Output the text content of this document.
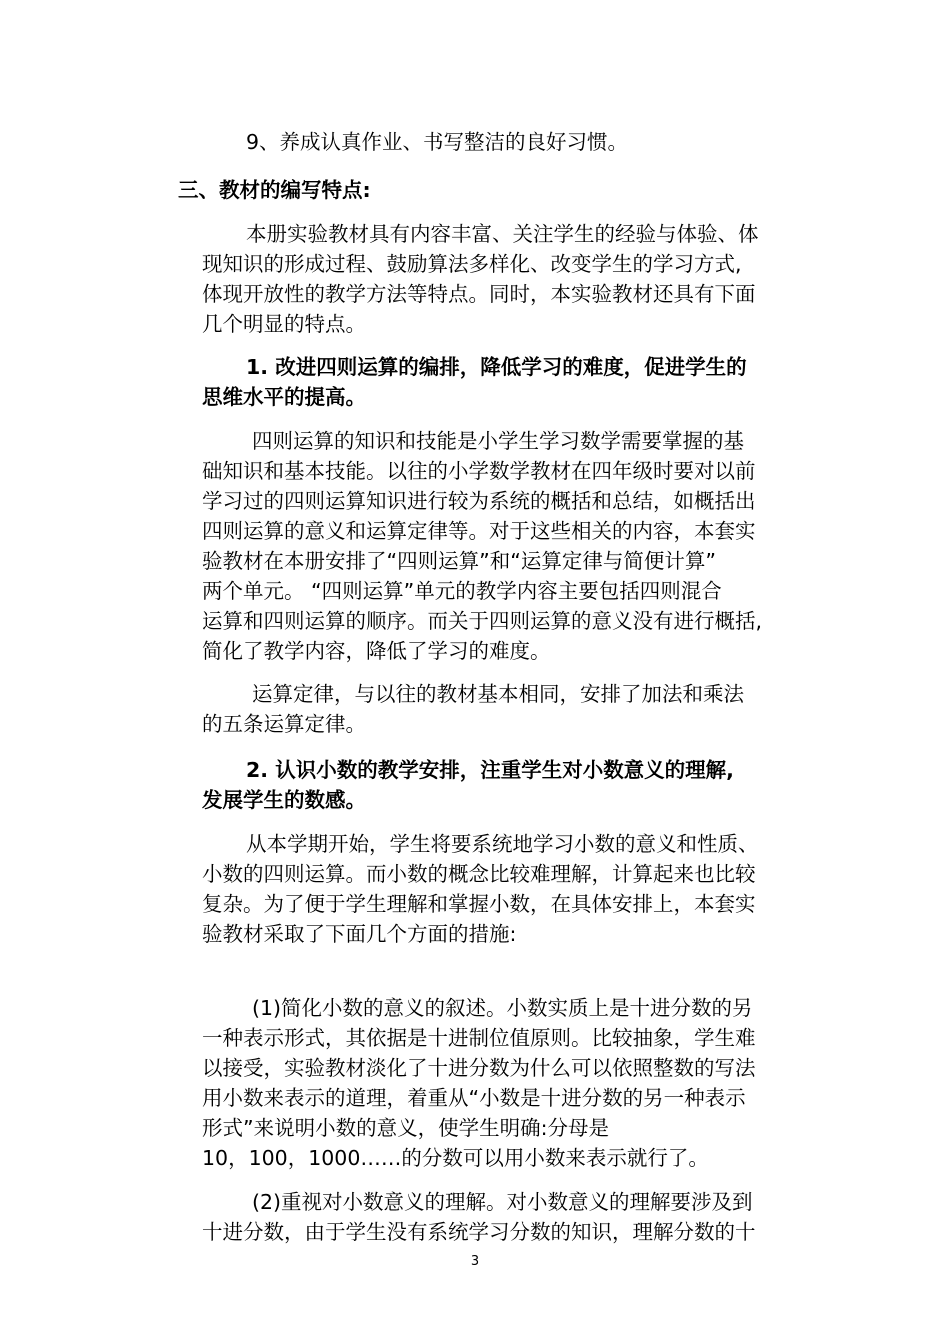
9、养成认真作业、书写整洁的良好习惯。
三、教材的编写特点:
本册实验教材具有内容丰富、关注学生的经验与体验、体
现知识的形成过程、鼓励算法多样化、改变学生的学习方式,
体现开放性的教学方法等特点。同时，本实验教材还具有下面
几个明显的特点。
1. 改进四则运算的编排，降低学习的难度，促进学生的
思维水平的提高。
四则运算的知识和技能是小学生学习数学需要掌握的基
础知识和基本技能。以往的小学数学教材在四年级时要对以前
学习过的四则运算知识进行较为系统的概括和总结，如概括出
四则运算的意义和运算定律等。对于这些相关的内容，本套实
验教材在本册安排了“四则运算”和“运算定律与简便计算”
两个单元。 “四则运算”单元的教学内容主要包括四则混合
运算和四则运算的顺序。而关于四则运算的意义没有进行概括,
简化了教学内容，降低了学习的难度。
运算定律，与以往的教材基本相同，安排了加法和乘法
的五条运算定律。
2. 认识小数的教学安排，注重学生对小数意义的理解,
发展学生的数感。
从本学期开始，学生将要系统地学习小数的意义和性质、
小数的四则运算。而小数的概念比较难理解，计算起来也比较
复杂。为了便于学生理解和掌握小数，在具体安排上，本套实
验教材采取了下面几个方面的措施:
(1)简化小数的意义的叙述。小数实质上是十进分数的另
一种表示形式，其依据是十进制位值原则。比较抽象，学生难
以接受，实验教材淡化了十进分数为什么可以依照整数的写法
用小数来表示的道理，着重从“小数是十进分数的另一种表示
形式”来说明小数的意义，使学生明确:分母是
10，100，1000……的分数可以用小数来表示就行了。
(2)重视对小数意义的理解。对小数意义的理解要涉及到
十进分数，由于学生没有系统学习分数的知识，理解分数的十
3
